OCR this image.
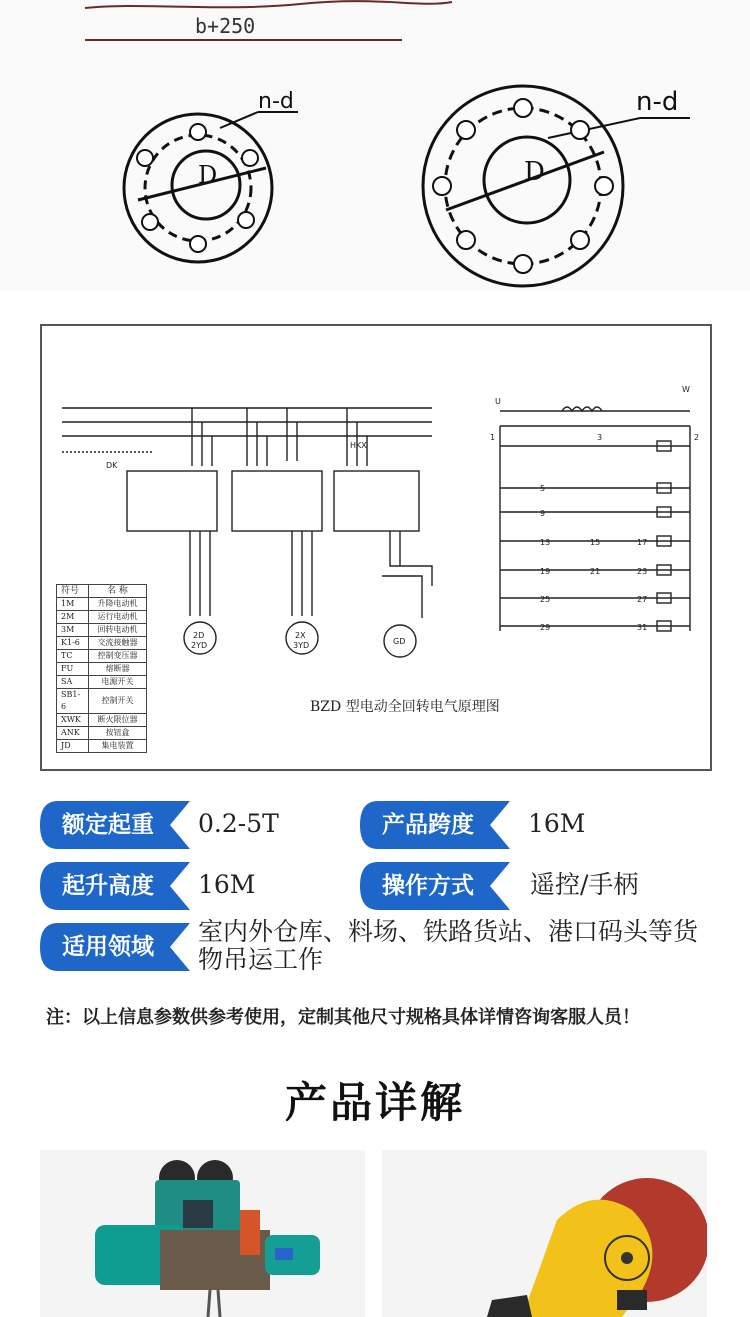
n-d
D
n-d
D
b+250
DK
HKX
2D
2YD
2X
3YD	GD
U
W
1	2
3
5
9
13	15	17
19	21	23
25	27
29	31
符号	名 称
1M	升降电动机
2M	运行电动机
3M	回转电动机
K1-6	交流接触器
TC	控制变压器
FU	熔断器
SA	电源开关
SB1-6	控制开关
XWK	断火限位器
ANK	按钮盒
JD	集电装置
BZD 型电动全回转电气原理图
额定起重	0.2-5T	产品跨度	16M
起升高度	16M	操作方式	遥控/手柄
适用领域
室内外仓库、料场、铁路货站、港口码头等货物吊运工作
注：以上信息参数供参考使用，定制其他尺寸规格具体详情咨询客服人员！
产品详解
